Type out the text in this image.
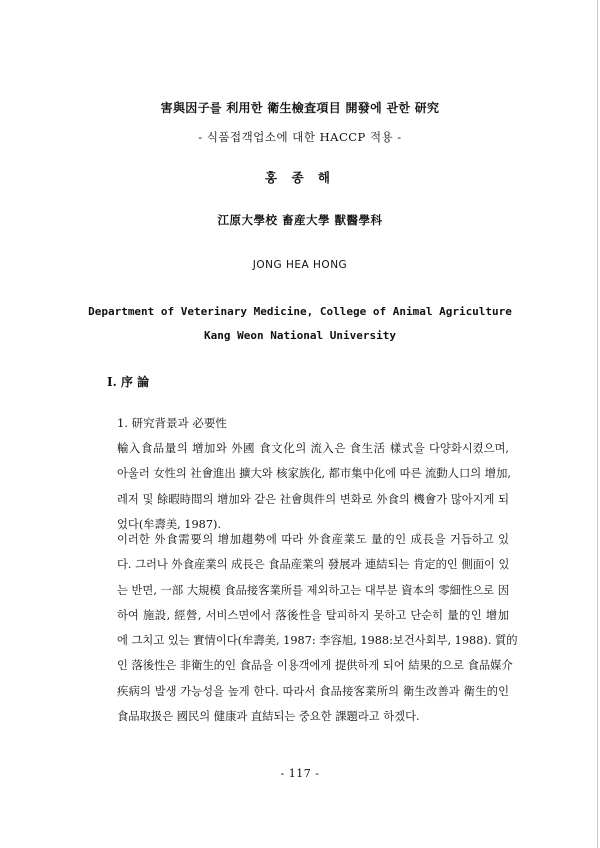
害與因子를 利用한 衛生檢査項目 開發에 관한 研究
- 식품접객업소에 대한 HACCP 적용 -
홍 종 해
江原大學校 畜産大學 獸醫學科
JONG HEA HONG
Department of Veterinary Medicine, College of Animal Agriculture
Kang Weon National University
I. 序 論
1. 研究背景과 必要性
輸入食品量의 增加와 外國 食文化의 流入은 食生活 樣式을 다양화시켰으며,
아울러 女性의 社會進出 擴大와 核家族化, 都市集中化에 따른 流動人口의 增加,
레저 및 餘暇時間의 增加와 같은 社會與件의 변화로 外食의 機會가 많아지게 되
었다(牟壽美, 1987).
이러한 外食需要의 增加趨勢에 따라 外食産業도 量的인 成長을 거듭하고 있
다. 그러나 外食産業의 成長은 食品産業의 發展과 連結되는 肯定的인 側面이 있
는 반면, 一部 大規模 食品接客業所를 제외하고는 대부분 資本의 零細性으로 因
하여 施設, 經營, 서비스면에서 落後性을 탈피하지 못하고 단순히 量的인 增加
에 그치고 있는 實情이다(牟壽美, 1987: 李容旭, 1988:보건사회부, 1988). 質的
인 落後性은 非衛生的인 食品을 이용객에게 提供하게 되어 結果的으로 食品媒介
疾病의 발생 가능성을 높게 한다. 따라서 食品接客業所의 衛生改善과 衛生的인
食品取扱은 國民의 健康과 直結되는 중요한 課題라고 하겠다.
- 117 -
